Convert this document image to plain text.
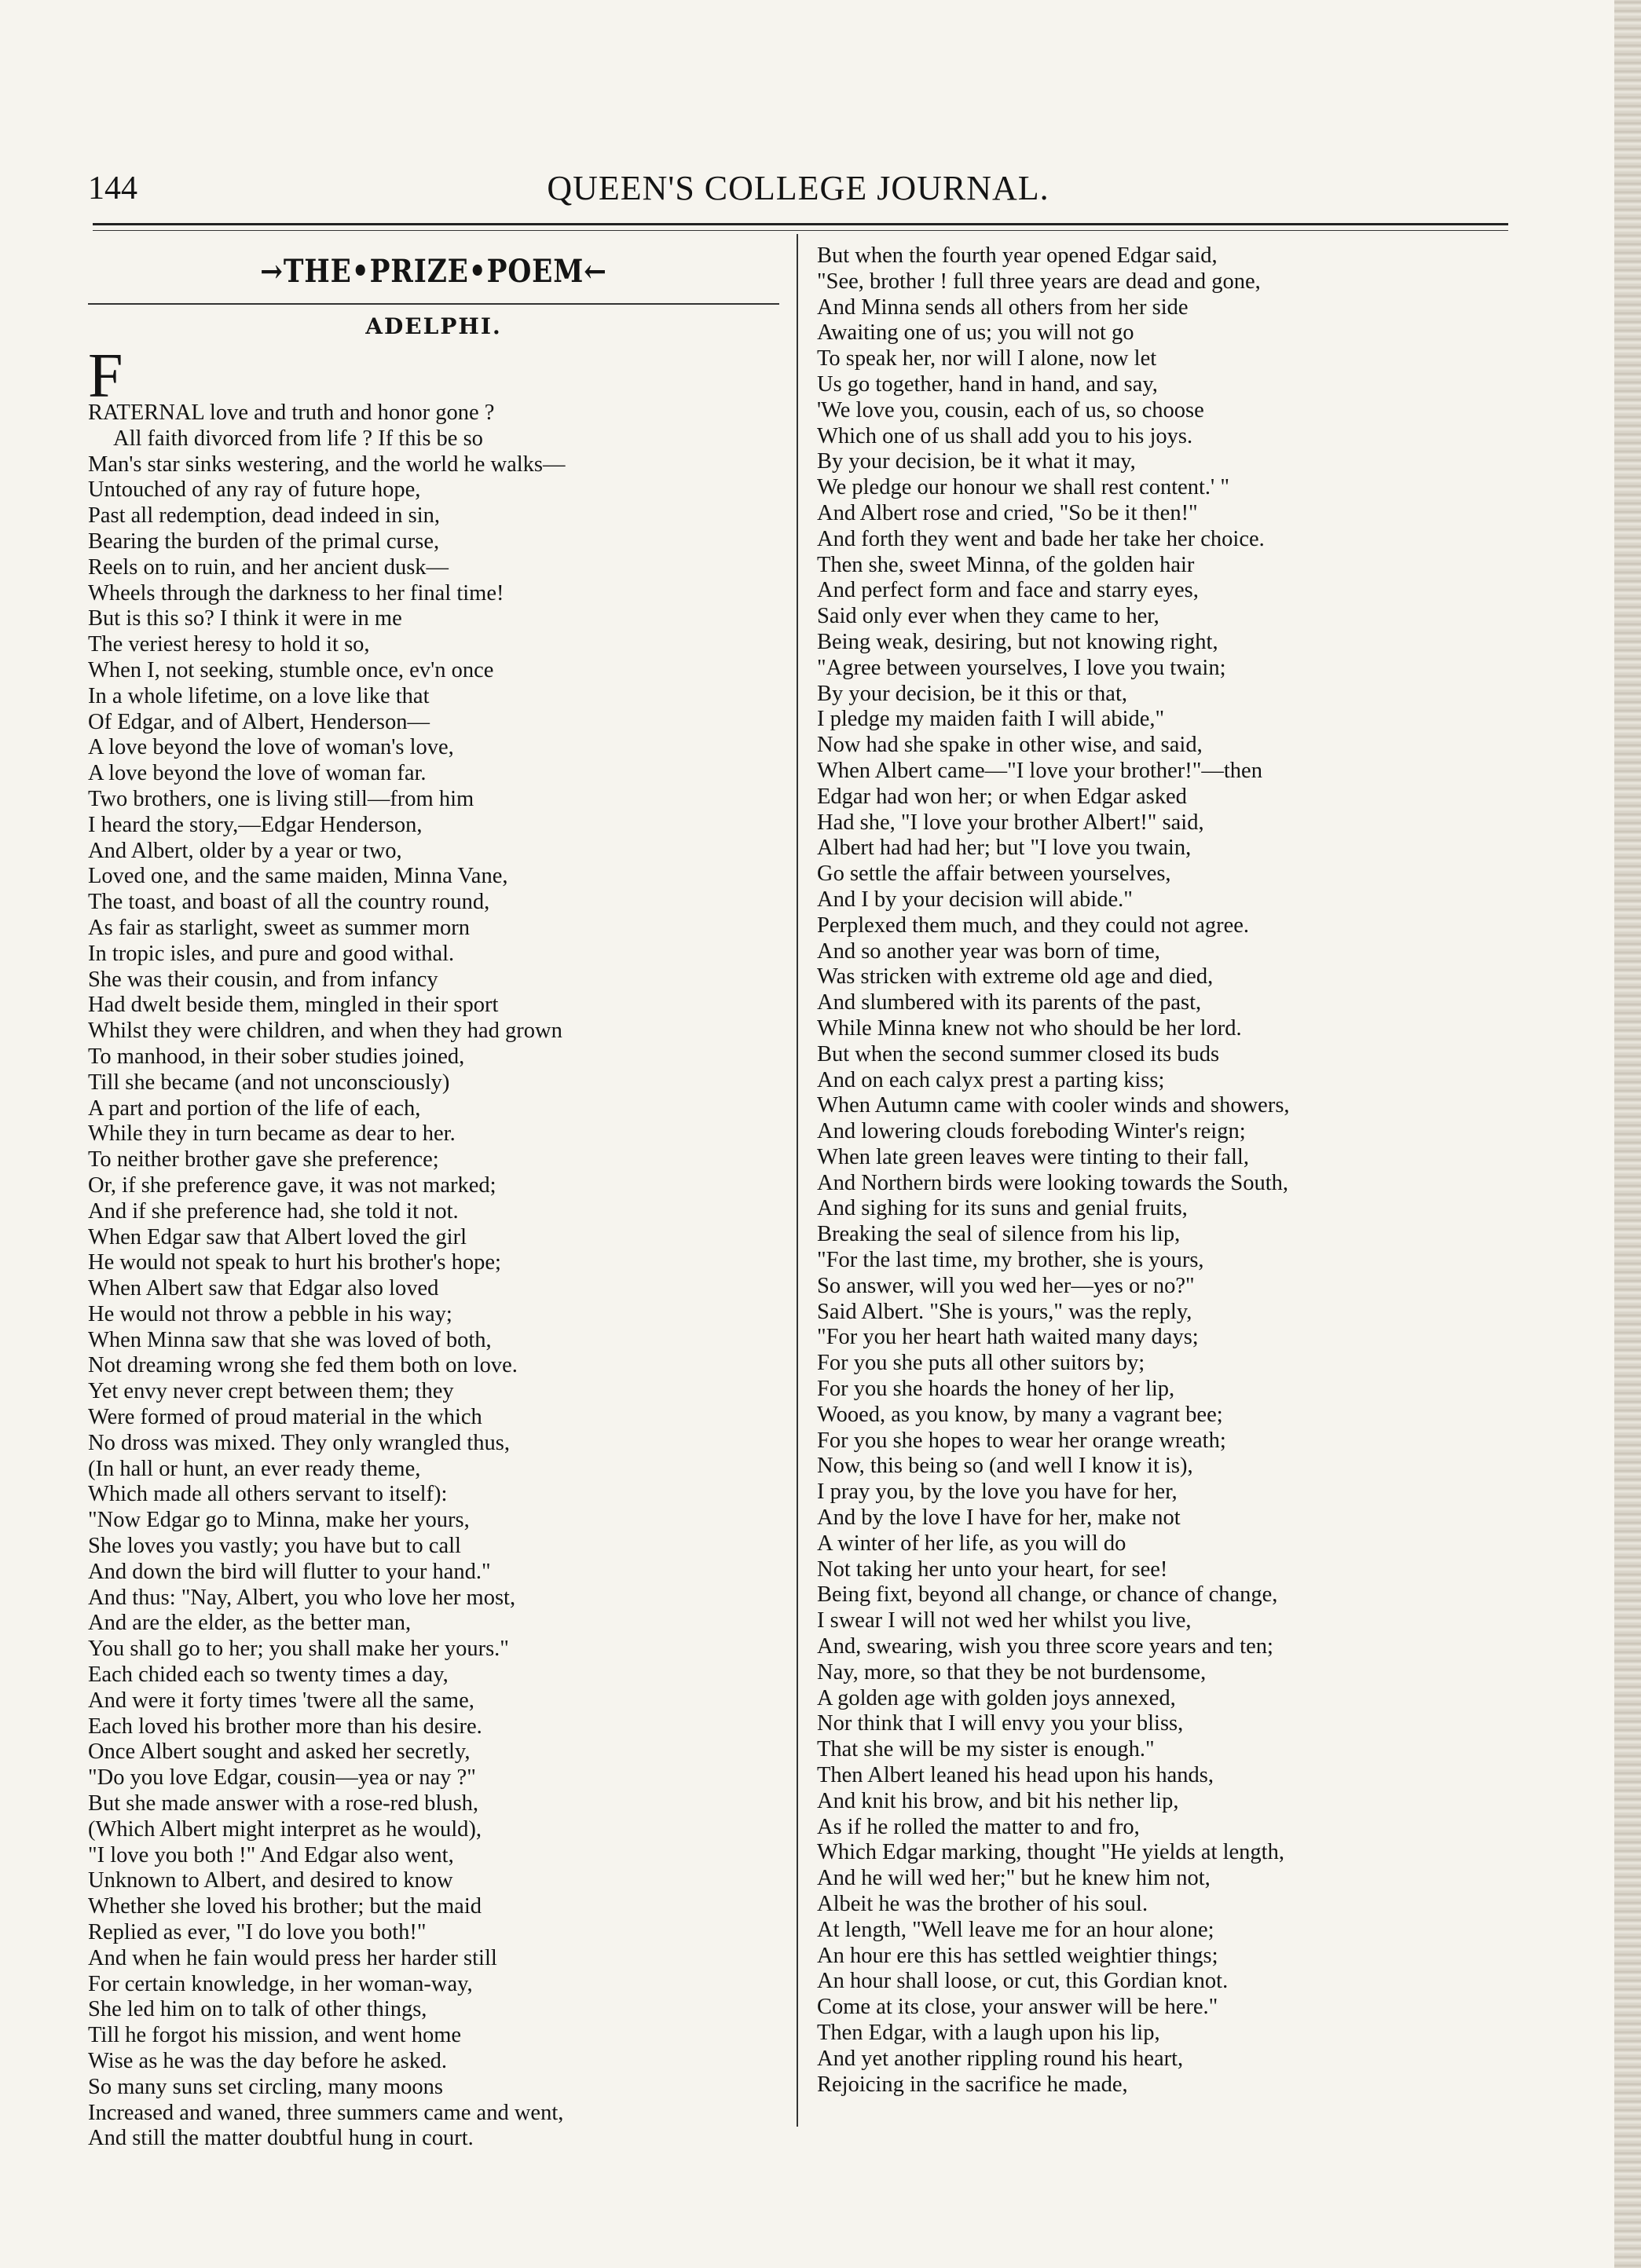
144	QUEEN'S COLLEGE JOURNAL.
→THE•PRIZE•POEM←
ADELPHI.
F
RATERNAL love and truth and honor gone ?
All faith divorced from life ? If this be so
Man's star sinks westering, and the world he walks—
Untouched of any ray of future hope,
Past all redemption, dead indeed in sin,
Bearing the burden of the primal curse,
Reels on to ruin, and her ancient dusk—
Wheels through the darkness to her final time!
But is this so? I think it were in me
The veriest heresy to hold it so,
When I, not seeking, stumble once, ev'n once
In a whole lifetime, on a love like that
Of Edgar, and of Albert, Henderson—
A love beyond the love of woman's love,
A love beyond the love of woman far.
Two brothers, one is living still—from him
I heard the story,—Edgar Henderson,
And Albert, older by a year or two,
Loved one, and the same maiden, Minna Vane,
The toast, and boast of all the country round,
As fair as starlight, sweet as summer morn
In tropic isles, and pure and good withal.
She was their cousin, and from infancy
Had dwelt beside them, mingled in their sport
Whilst they were children, and when they had grown
To manhood, in their sober studies joined,
Till she became (and not unconsciously)
A part and portion of the life of each,
While they in turn became as dear to her.
To neither brother gave she preference;
Or, if she preference gave, it was not marked;
And if she preference had, she told it not.
When Edgar saw that Albert loved the girl
He would not speak to hurt his brother's hope;
When Albert saw that Edgar also loved
He would not throw a pebble in his way;
When Minna saw that she was loved of both,
Not dreaming wrong she fed them both on love.
Yet envy never crept between them; they
Were formed of proud material in the which
No dross was mixed. They only wrangled thus,
(In hall or hunt, an ever ready theme,
Which made all others servant to itself):
"Now Edgar go to Minna, make her yours,
She loves you vastly; you have but to call
And down the bird will flutter to your hand."
And thus: "Nay, Albert, you who love her most,
And are the elder, as the better man,
You shall go to her; you shall make her yours."
Each chided each so twenty times a day,
And were it forty times 'twere all the same,
Each loved his brother more than his desire.
Once Albert sought and asked her secretly,
"Do you love Edgar, cousin—yea or nay ?"
But she made answer with a rose-red blush,
(Which Albert might interpret as he would),
"I love you both !" And Edgar also went,
Unknown to Albert, and desired to know
Whether she loved his brother; but the maid
Replied as ever, "I do love you both!"
And when he fain would press her harder still
For certain knowledge, in her woman-way,
She led him on to talk of other things,
Till he forgot his mission, and went home
Wise as he was the day before he asked.
So many suns set circling, many moons
Increased and waned, three summers came and went,
And still the matter doubtful hung in court.
But when the fourth year opened Edgar said,
"See, brother ! full three years are dead and gone,
And Minna sends all others from her side
Awaiting one of us; you will not go
To speak her, nor will I alone, now let
Us go together, hand in hand, and say,
'We love you, cousin, each of us, so choose
Which one of us shall add you to his joys.
By your decision, be it what it may,
We pledge our honour we shall rest content.' "
And Albert rose and cried, "So be it then!"
And forth they went and bade her take her choice.
Then she, sweet Minna, of the golden hair
And perfect form and face and starry eyes,
Said only ever when they came to her,
Being weak, desiring, but not knowing right,
"Agree between yourselves, I love you twain;
By your decision, be it this or that,
I pledge my maiden faith I will abide,"
Now had she spake in other wise, and said,
When Albert came—"I love your brother!"—then
Edgar had won her; or when Edgar asked
Had she, "I love your brother Albert!" said,
Albert had had her; but "I love you twain,
Go settle the affair between yourselves,
And I by your decision will abide."
Perplexed them much, and they could not agree.
And so another year was born of time,
Was stricken with extreme old age and died,
And slumbered with its parents of the past,
While Minna knew not who should be her lord.
But when the second summer closed its buds
And on each calyx prest a parting kiss;
When Autumn came with cooler winds and showers,
And lowering clouds foreboding Winter's reign;
When late green leaves were tinting to their fall,
And Northern birds were looking towards the South,
And sighing for its suns and genial fruits,
Breaking the seal of silence from his lip,
"For the last time, my brother, she is yours,
So answer, will you wed her—yes or no?"
Said Albert. "She is yours," was the reply,
"For you her heart hath waited many days;
For you she puts all other suitors by;
For you she hoards the honey of her lip,
Wooed, as you know, by many a vagrant bee;
For you she hopes to wear her orange wreath;
Now, this being so (and well I know it is),
I pray you, by the love you have for her,
And by the love I have for her, make not
A winter of her life, as you will do
Not taking her unto your heart, for see!
Being fixt, beyond all change, or chance of change,
I swear I will not wed her whilst you live,
And, swearing, wish you three score years and ten;
Nay, more, so that they be not burdensome,
A golden age with golden joys annexed,
Nor think that I will envy you your bliss,
That she will be my sister is enough."
Then Albert leaned his head upon his hands,
And knit his brow, and bit his nether lip,
As if he rolled the matter to and fro,
Which Edgar marking, thought "He yields at length,
And he will wed her;" but he knew him not,
Albeit he was the brother of his soul.
At length, "Well leave me for an hour alone;
An hour ere this has settled weightier things;
An hour shall loose, or cut, this Gordian knot.
Come at its close, your answer will be here."
Then Edgar, with a laugh upon his lip,
And yet another rippling round his heart,
Rejoicing in the sacrifice he made,
